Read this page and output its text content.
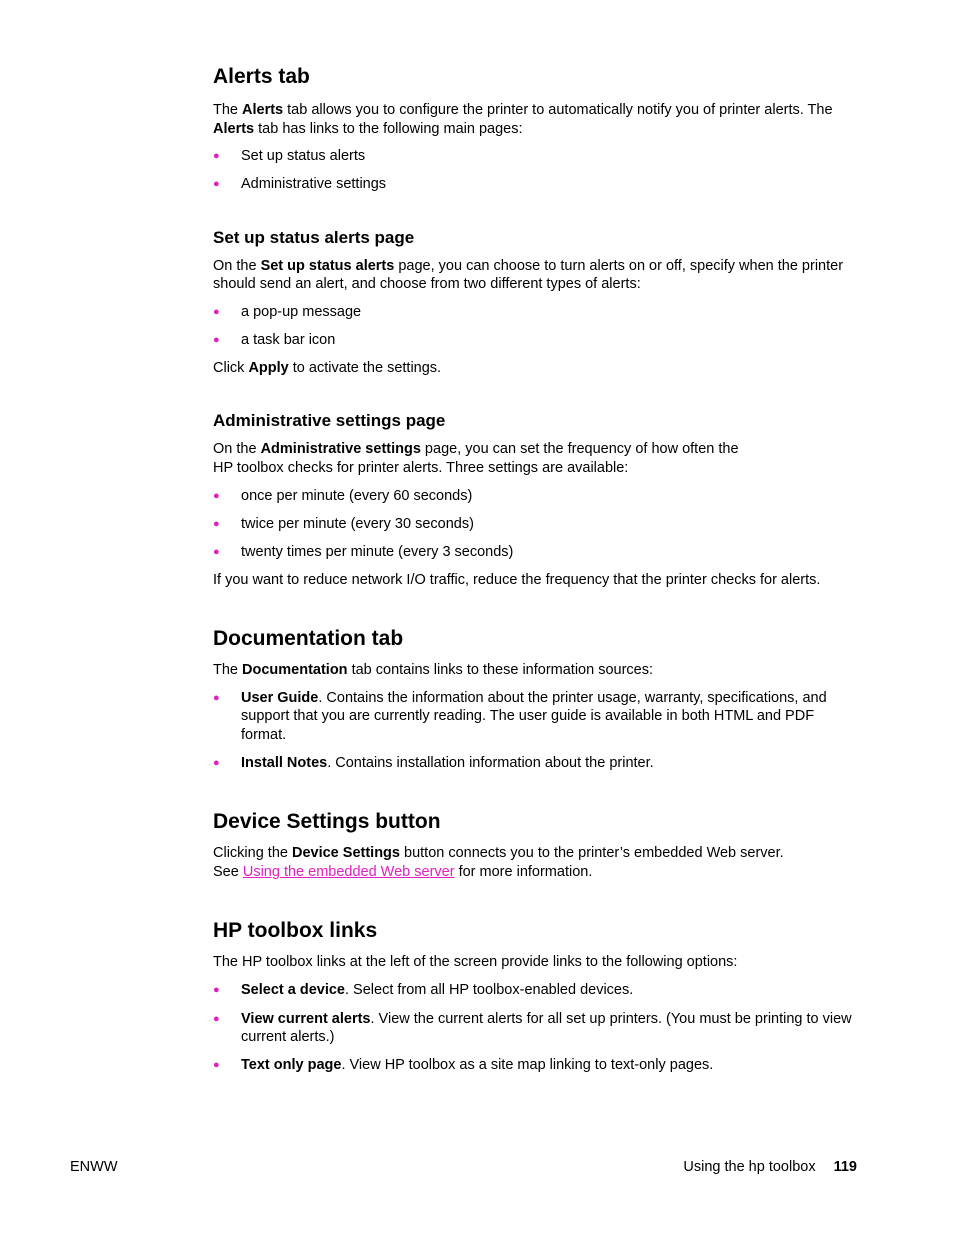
Alerts tab

The Alerts tab allows you to configure the printer to automatically notify you of printer alerts. The Alerts tab has links to the following main pages:

● Set up status alerts
● Administrative settings
Set up status alerts page

On the Set up status alerts page, you can choose to turn alerts on or off, specify when the printer should send an alert, and choose from two different types of alerts:

● a pop-up message
● a task bar icon

Click Apply to activate the settings.

Administrative settings page

On the Administrative settings page, you can set the frequency of how often the
HP toolbox checks for printer alerts. Three settings are available:

● once per minute (every 60 seconds)
● twice per minute (every 30 seconds)
● twenty times per minute (every 3 seconds)

If you want to reduce network I/O traffic, reduce the frequency that the printer checks for alerts.

Documentation tab

The Documentation tab contains links to these information sources:

● User Guide. Contains the information about the printer usage, warranty, specifications, and support that you are currently reading. The user guide is available in both HTML and PDF format.
● Install Notes. Contains installation information about the printer.
Device Settings button

Clicking the Device Settings button connects you to the printer’s embedded Web server.
See Using the embedded Web server for more information.

HP toolbox links

The HP toolbox links at the left of the screen provide links to the following options:

● Select a device. Select from all HP toolbox-enabled devices.
● View current alerts. View the current alerts for all set up printers. (You must be printing to view current alerts.)
● Text only page. View HP toolbox as a site map linking to text-only pages.
ENWW	Using the hp toolbox 119
